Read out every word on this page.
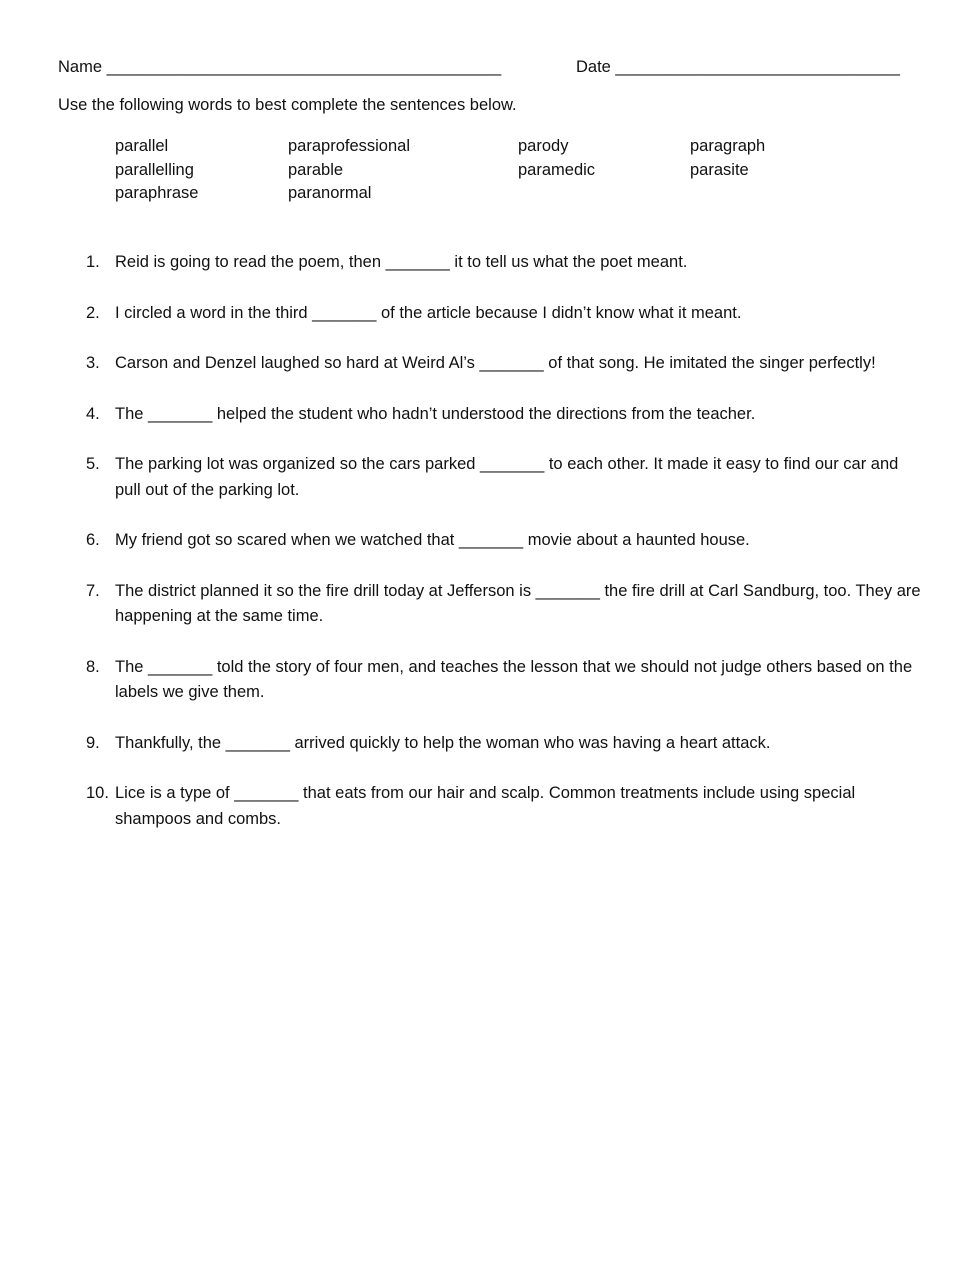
Name ___________________________________________	Date _______________________________
Use the following words to best complete the sentences below.
parallel	paraprofessional	parody	paragraph
parallelling	parable	paramedic	parasite
paraphrase	paranormal
1. Reid is going to read the poem, then _______ it to tell us what the poet meant.
2. I circled a word in the third _______ of the article because I didn’t know what it meant.
3. Carson and Denzel laughed so hard at Weird Al’s _______ of that song. He imitated the singer perfectly!
4. The _______ helped the student who hadn’t understood the directions from the teacher.
5. The parking lot was organized so the cars parked _______ to each other. It made it easy to find our car and pull out of the parking lot.
6. My friend got so scared when we watched that _______ movie about a haunted house.
7. The district planned it so the fire drill today at Jefferson is _______ the fire drill at Carl Sandburg, too. They are happening at the same time.
8. The _______ told the story of four men, and teaches the lesson that we should not judge others based on the labels we give them.
9. Thankfully, the _______ arrived quickly to help the woman who was having a heart attack.
10. Lice is a type of _______ that eats from our hair and scalp. Common treatments include using special shampoos and combs.
